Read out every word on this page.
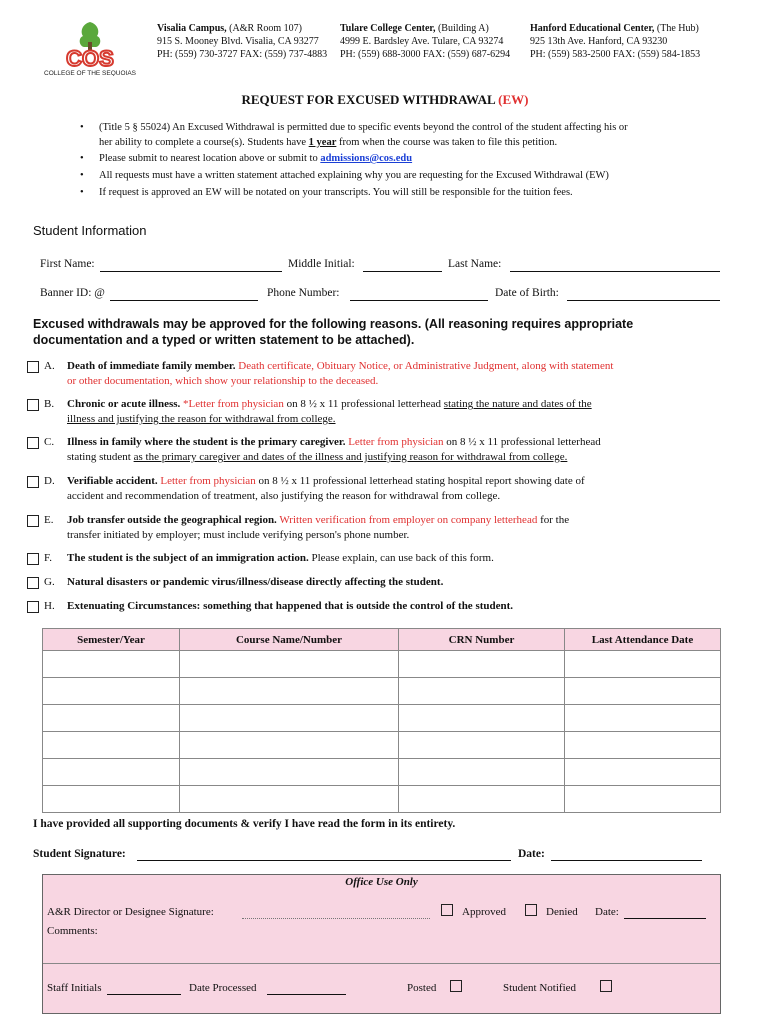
COS
COLLEGE OF THE SEQUOIAS
Visalia Campus, (A&R Room 107)
915 S. Mooney Blvd. Visalia, CA 93277
PH: (559) 730-3727 FAX: (559) 737-4883
Tulare College Center, (Building A)
4999 E. Bardsley Ave. Tulare, CA 93274
PH: (559) 688-3000 FAX: (559) 687-6294
Hanford Educational Center, (The Hub)
925 13th Ave. Hanford, CA 93230
PH: (559) 583-2500 FAX: (559) 584-1853
REQUEST FOR EXCUSED WITHDRAWAL (EW)
• (Title 5 § 55024) An Excused Withdrawal is permitted due to specific events beyond the control of the student affecting his or
her ability to complete a course(s). Students have 1 year from when the course was taken to file this petition.
• Please submit to nearest location above or submit to admissions@cos.edu
• All requests must have a written statement attached explaining why you are requesting for the Excused Withdrawal (EW)
• If request is approved an EW will be notated on your transcripts. You will still be responsible for the tuition fees.
Student Information
First Name:	Middle Initial:	Last Name:
Banner ID: @	Phone Number:	Date of Birth:
Excused withdrawals may be approved for the following reasons. (All reasoning requires appropriate documentation and a typed or written statement to be attached).
A. Death of immediate family member. Death certificate, Obituary Notice, or Administrative Judgment, along with statement
or other documentation, which show your relationship to the deceased.
B. Chronic or acute illness. *Letter from physician on 8 ½ x 11 professional letterhead stating the nature and dates of the
illness and justifying the reason for withdrawal from college.
C. Illness in family where the student is the primary caregiver. Letter from physician on 8 ½ x 11 professional letterhead
stating student as the primary caregiver and dates of the illness and justifying reason for withdrawal from college.
D. Verifiable accident. Letter from physician on 8 ½ x 11 professional letterhead stating hospital report showing date of
accident and recommendation of treatment, also justifying the reason for withdrawal from college.
E. Job transfer outside the geographical region. Written verification from employer on company letterhead for the
transfer initiated by employer; must include verifying person's phone number.
F. The student is the subject of an immigration action. Please explain, can use back of this form.
G. Natural disasters or pandemic virus/illness/disease directly affecting the student.
H. Extenuating Circumstances: something that happened that is outside the control of the student.
Semester/Year	Course Name/Number	CRN Number	Last Attendance Date

I have provided all supporting documents & verify I have read the form in its entirety.
Student Signature:	Date:
Office Use Only
A&R Director or Designee Signature:	Approved	Denied Date:
Comments:
Staff Initials	Date Processed	Posted	Student Notified
